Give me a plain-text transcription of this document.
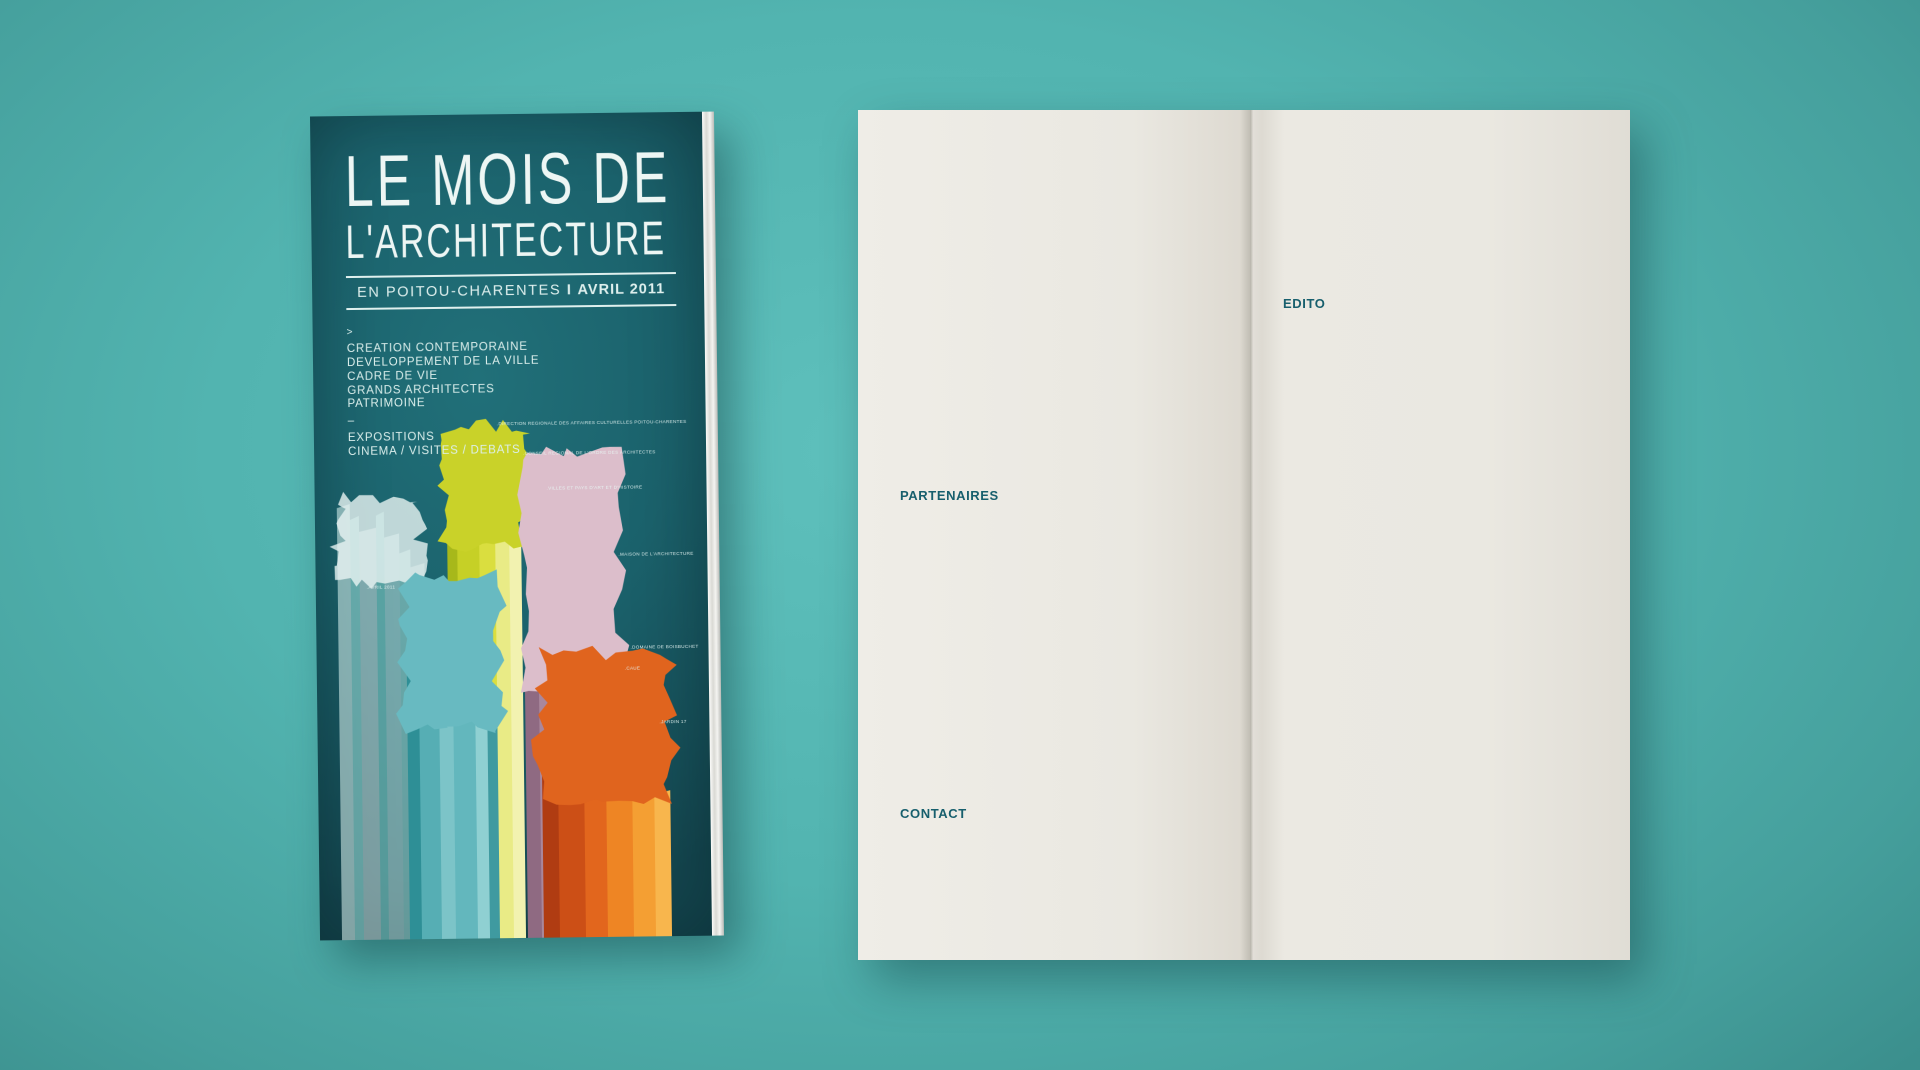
.DIRECTION REGIONALE DES AFFAIRES CULTURELLES POITOU-CHARENTES
.CONSEIL REGIONAL DE L'ORDRE DES ARCHITECTES
.VILLES ET PAYS D'ART ET D'HISTOIRE
.MAISON DE L'ARCHITECTURE
.DOMAINE DE BOISBUCHET
.CAUE
.JARDIN 17
.AVRIL 2011
LE MOIS DE
L'ARCHITECTURE
EN POITOU-CHARENTES I AVRIL 2011
>
CREATION CONTEMPORAINE
DEVELOPPEMENT DE LA VILLE
CADRE DE VIE
GRANDS ARCHITECTES
PATRIMOINE
–
EXPOSITIONS
CINEMA / VISITES / DEBATS
PARTENAIRES
CONTACT
EDITO
